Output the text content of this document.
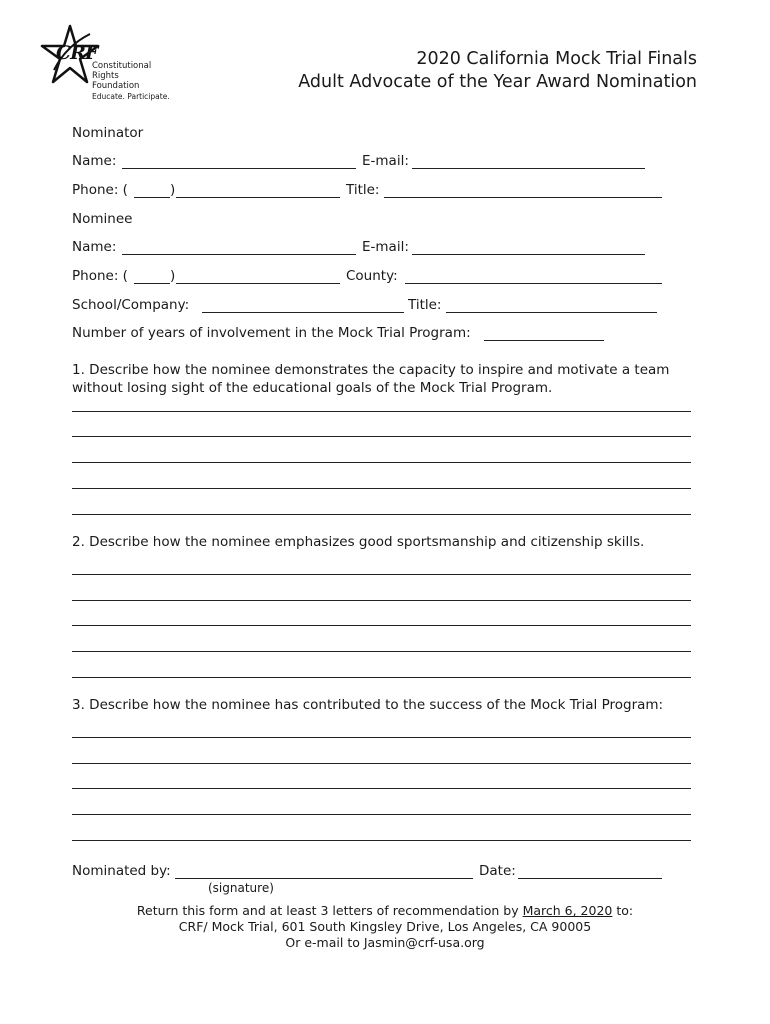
CRF
Constitutional
Rights
Foundation
Educate. Participate.
2020 California Mock Trial Finals
Adult Advocate of the Year Award Nomination
Nominator
Name:	E-mail:
Phone: (	)	Title:
Nominee
Name:	E-mail:
Phone: (	)	County:
School/Company:	Title:
Number of years of involvement in the Mock Trial Program:
1. Describe how the nominee demonstrates the capacity to inspire and motivate a team
without losing sight of the educational goals of the Mock Trial Program.
2. Describe how the nominee emphasizes good sportsmanship and citizenship skills.
3. Describe how the nominee has contributed to the success of the Mock Trial Program:
Nominated by:
(signature)
Date:
Return this form and at least 3 letters of recommendation by March 6, 2020 to:
CRF/ Mock Trial, 601 South Kingsley Drive, Los Angeles, CA 90005
Or e-mail to Jasmin@crf-usa.org
